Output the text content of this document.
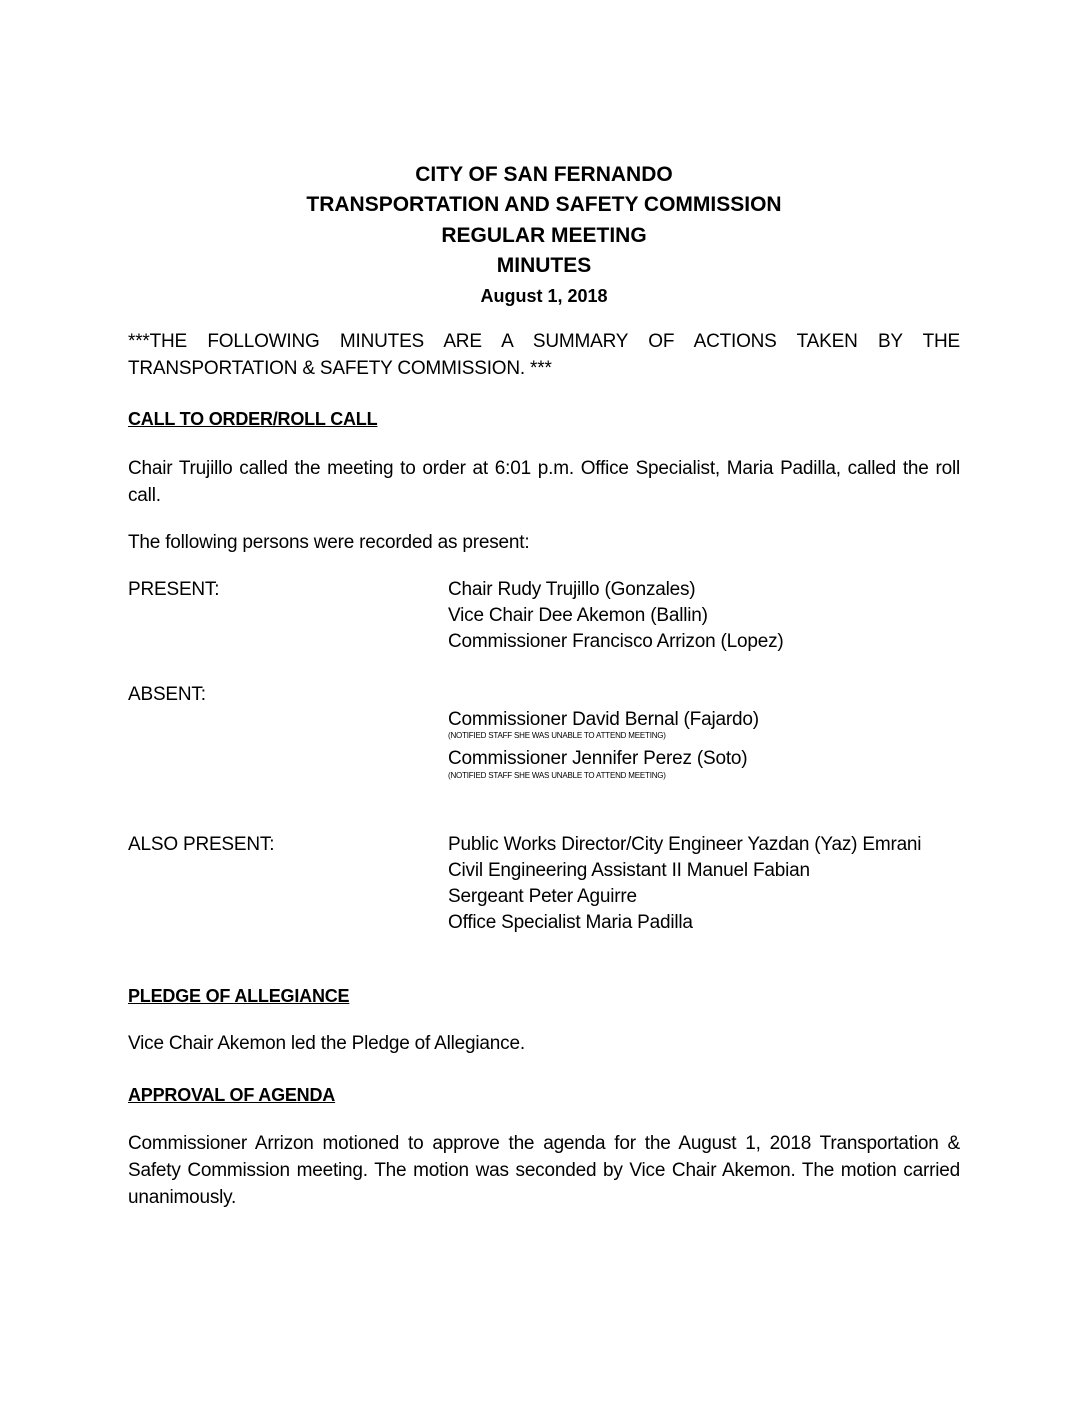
CITY OF SAN FERNANDO
TRANSPORTATION AND SAFETY COMMISSION
REGULAR MEETING
MINUTES
August 1, 2018
***THE FOLLOWING MINUTES ARE A SUMMARY OF ACTIONS TAKEN BY THE TRANSPORTATION & SAFETY COMMISSION. ***
CALL TO ORDER/ROLL CALL
Chair Trujillo called the meeting to order at 6:01 p.m. Office Specialist, Maria Padilla, called the roll call.
The following persons were recorded as present:
PRESENT:	Chair Rudy Trujillo (Gonzales)
Vice Chair Dee Akemon (Ballin)
Commissioner Francisco Arrizon (Lopez)
ABSENT:
Commissioner David Bernal (Fajardo)
(NOTIFIED STAFF SHE WAS UNABLE TO ATTEND MEETING)
Commissioner Jennifer Perez (Soto)
(NOTIFIED STAFF SHE WAS UNABLE TO ATTEND MEETING)
ALSO PRESENT:	Public Works Director/City Engineer Yazdan (Yaz) Emrani
Civil Engineering Assistant II Manuel Fabian
Sergeant Peter Aguirre
Office Specialist Maria Padilla
PLEDGE OF ALLEGIANCE
Vice Chair Akemon led the Pledge of Allegiance.
APPROVAL OF AGENDA
Commissioner Arrizon motioned to approve the agenda for the August 1, 2018 Transportation & Safety Commission meeting. The motion was seconded by Vice Chair Akemon. The motion carried unanimously.
